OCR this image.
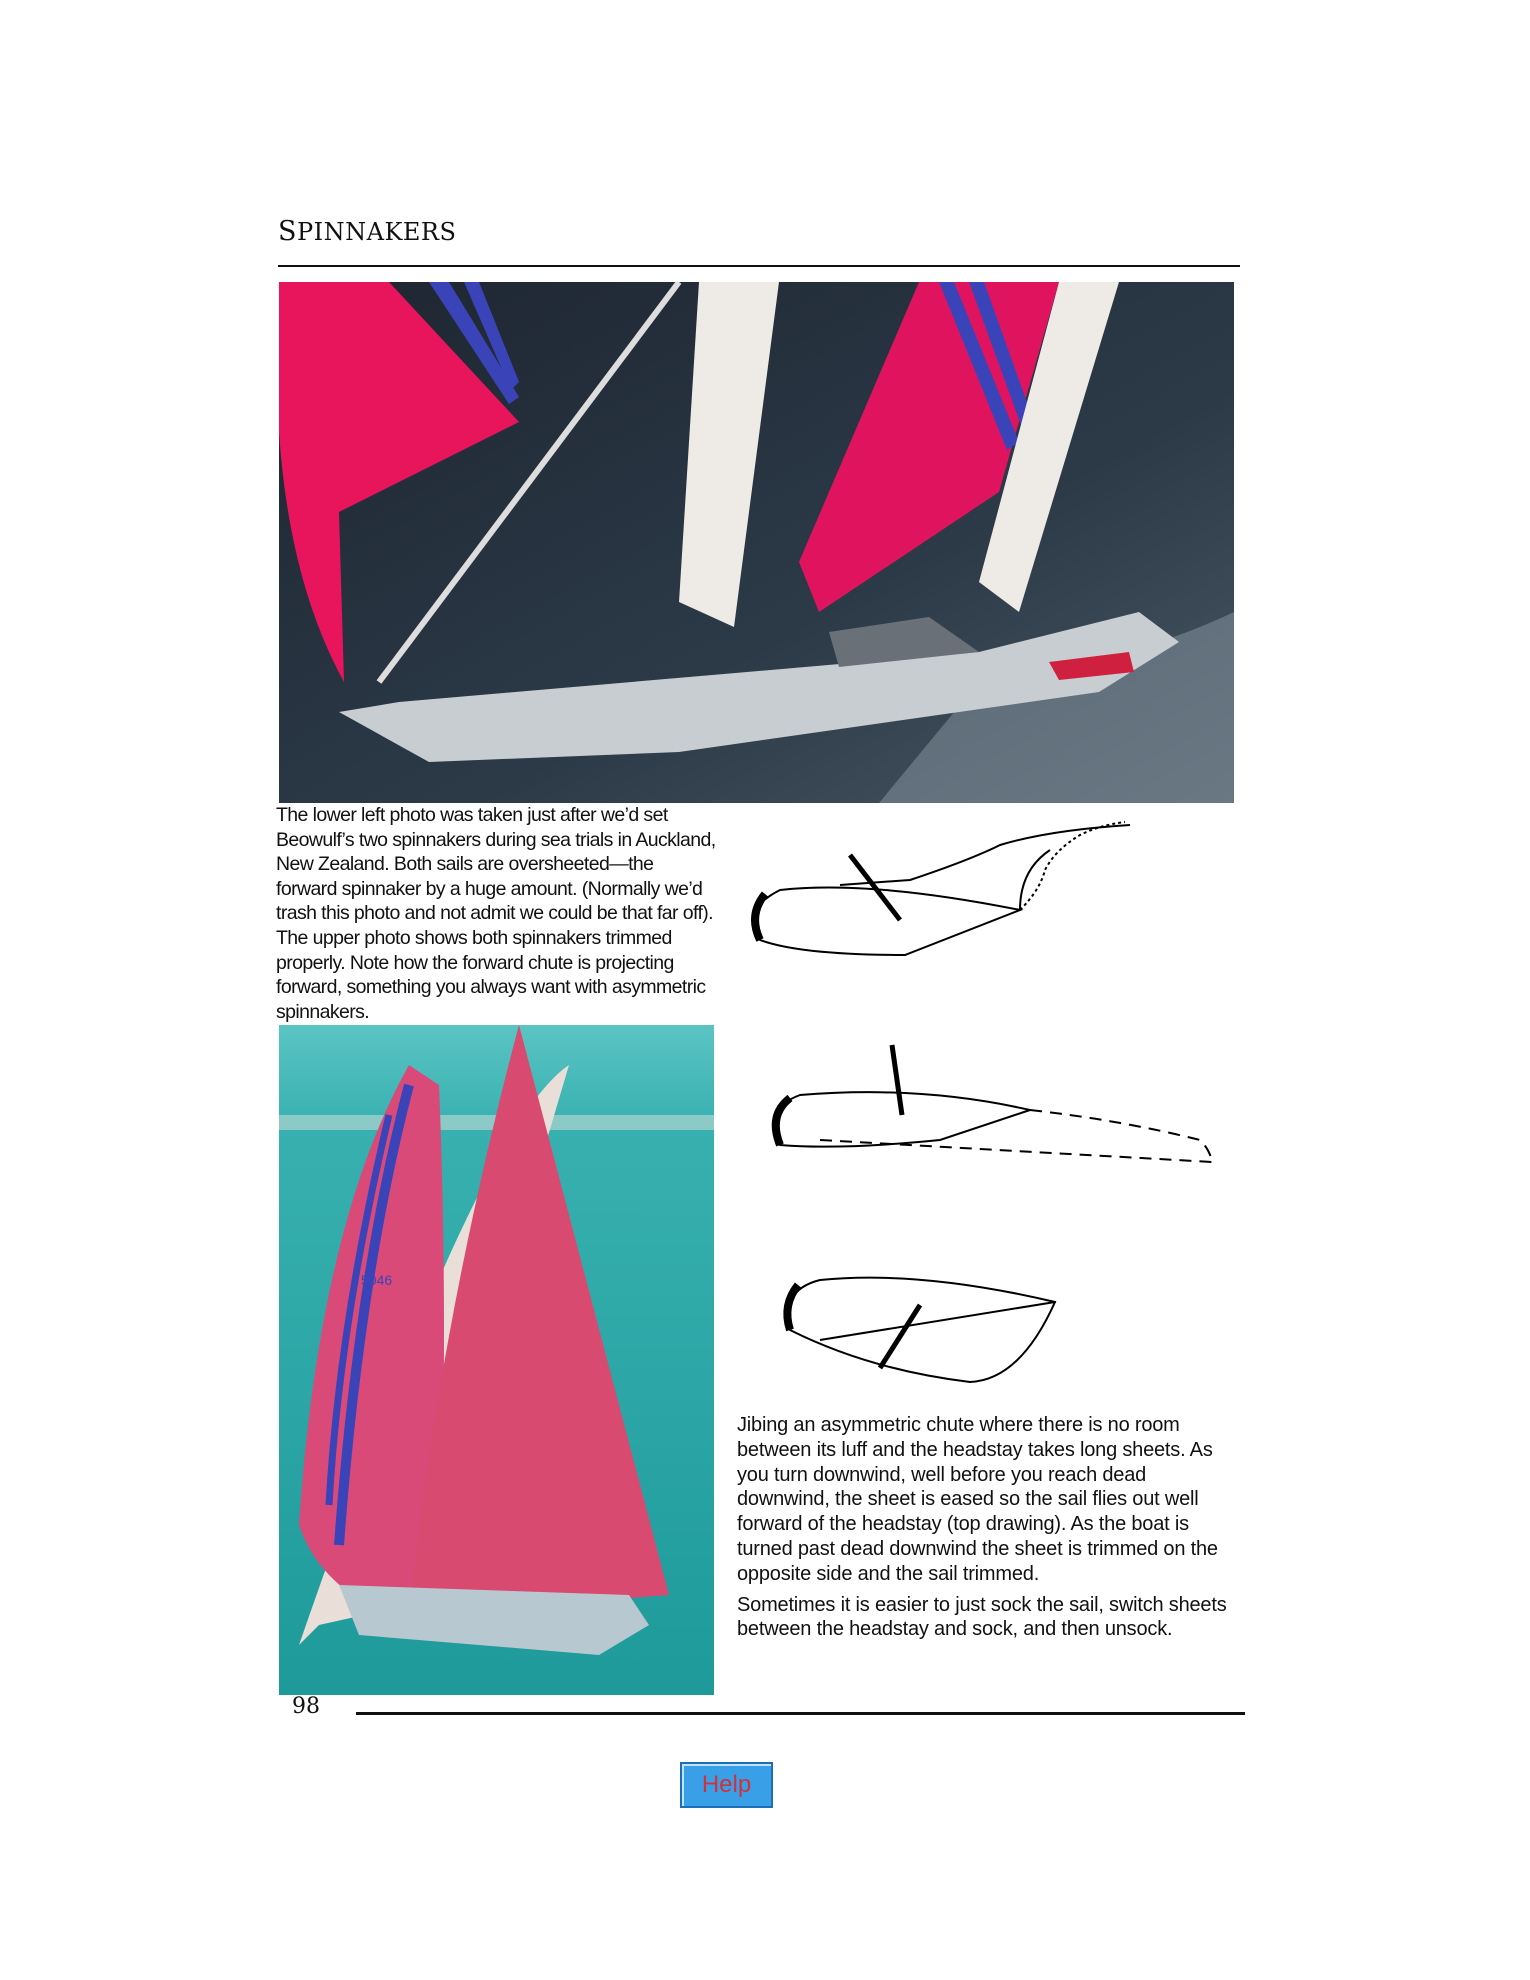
SPINNAKERS
The lower left photo was taken just after we’d set Beowulf’s two spinnakers during sea trials in Auckland, New Zealand. Both sails are oversheeted—the forward spinnaker by a huge amount. (Normally we’d trash this photo and not admit we could be that far off). The upper photo shows both spinnakers trimmed properly. Note how the forward chute is projecting forward, something you always want with asymmetric spinnakers.
5046

Jibing an asymmetric chute where there is no room between its luff and the headstay takes long sheets. As you turn downwind, well before you reach dead downwind, the sheet is eased so the sail flies out well forward of the headstay (top drawing). As the boat is turned past dead downwind the sheet is trimmed on the opposite side and the sail trimmed.

Sometimes it is easier to just sock the sail, switch sheets between the headstay and sock, and then unsock.

98
Help
